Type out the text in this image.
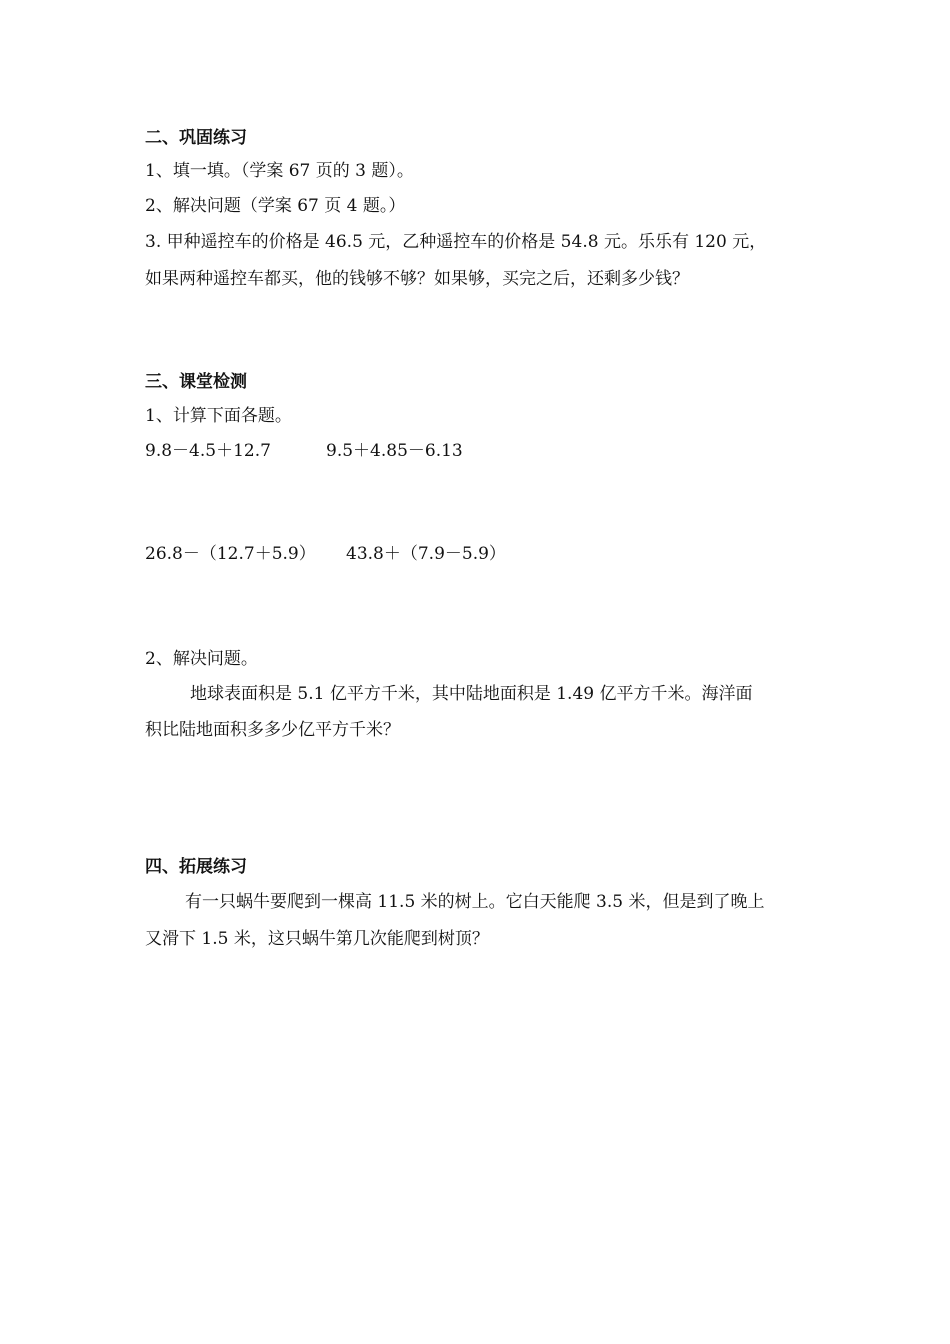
二、巩固练习
1、填一填。（学案 67 页的 3 题）。
2、解决问题（学案 67 页 4 题。）
3. 甲种遥控车的价格是 46.5 元，乙种遥控车的价格是 54.8 元。乐乐有 120 元，
如果两种遥控车都买，他的钱够不够？如果够，买完之后，还剩多少钱？
三、课堂检测
1、计算下面各题。
9.8－4.5＋12.7	9.5＋4.85－6.13
26.8－（12.7＋5.9） 43.8＋（7.9－5.9）
2、解决问题。
地球表面积是 5.1 亿平方千米，其中陆地面积是 1.49 亿平方千米。海洋面
积比陆地面积多多少亿平方千米？
四、拓展练习
有一只蜗牛要爬到一棵高 11.5 米的树上。它白天能爬 3.5 米，但是到了晚上
又滑下 1.5 米，这只蜗牛第几次能爬到树顶？
